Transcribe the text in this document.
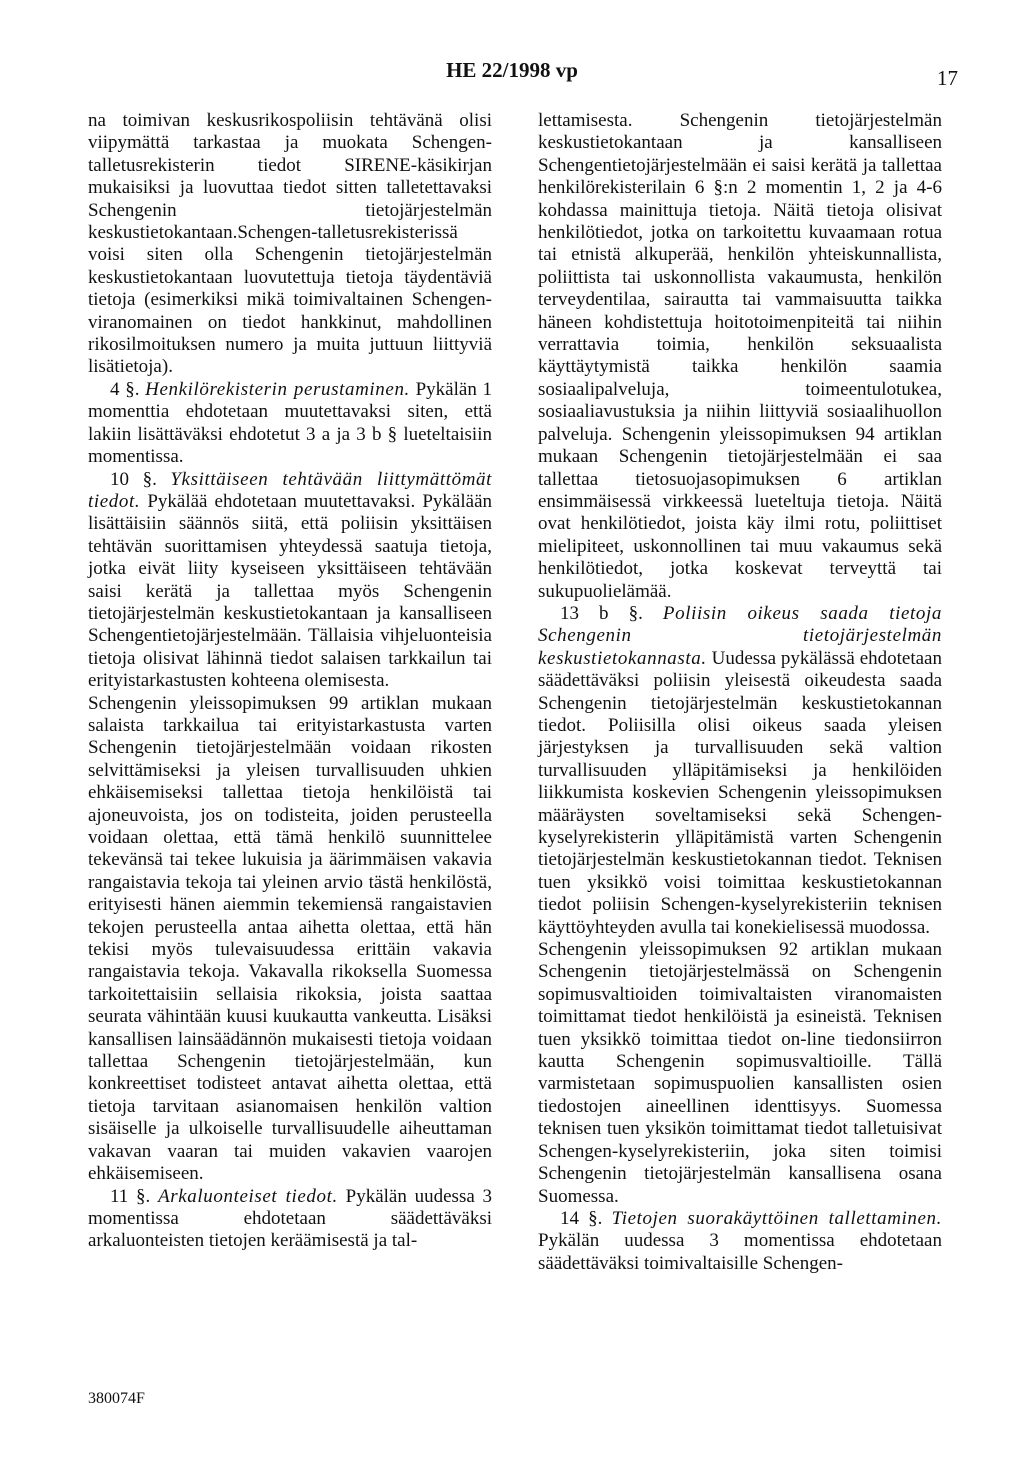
HE 22/1998 vp	17

na toimivan keskusrikospoliisin tehtävänä olisi viipymättä tarkastaa ja muokata Schengen-talletusrekisterin tiedot SIRENE-käsikirjan mukaisiksi ja luovuttaa tiedot sitten talletettavaksi Schengenin tietojärjestelmän keskustietokantaan.Schengen-talletusrekisterissä voisi siten olla Schengenin tietojärjestelmän keskustietokantaan luovutettuja tietoja täydentäviä tietoja (esimerkiksi mikä toimivaltainen Schengen-viranomainen on tiedot hankkinut, mahdollinen rikosilmoituksen numero ja muita juttuun liittyviä lisätietoja).

4 §. Henkilörekisterin perustaminen. Pykälän 1 momenttia ehdotetaan muutettavaksi siten, että lakiin lisättäväksi ehdotetut 3 a ja 3 b § lueteltaisiin momentissa.

10 §. Yksittäiseen tehtävään liittymättömät tiedot. Pykälää ehdotetaan muutettavaksi. Pykälään lisättäisiin säännös siitä, että poliisin yksittäisen tehtävän suorittamisen yhteydessä saatuja tietoja, jotka eivät liity kyseiseen yksittäiseen tehtävään saisi kerätä ja tallettaa myös Schengenin tietojärjestelmän keskustietokantaan ja kansalliseen Schengentietojärjestelmään. Tällaisia vihjeluonteisia tietoja olisivat lähinnä tiedot salaisen tarkkailun tai erityistarkastusten kohteena olemisesta.

Schengenin yleissopimuksen 99 artiklan mukaan salaista tarkkailua tai erityistarkastusta varten Schengenin tietojärjestelmään voidaan rikosten selvittämiseksi ja yleisen turvallisuuden uhkien ehkäisemiseksi tallettaa tietoja henkilöistä tai ajoneuvoista, jos on todisteita, joiden perusteella voidaan olettaa, että tämä henkilö suunnittelee tekevänsä tai tekee lukuisia ja äärimmäisen vakavia rangaistavia tekoja tai yleinen arvio tästä henkilöstä, erityisesti hänen aiemmin tekemiensä rangaistavien tekojen perusteella antaa aihetta olettaa, että hän tekisi myös tulevaisuudessa erittäin vakavia rangaistavia tekoja. Vakavalla rikoksella Suomessa tarkoitettaisiin sellaisia rikoksia, joista saattaa seurata vähintään kuusi kuukautta vankeutta. Lisäksi kansallisen lainsäädännön mukaisesti tietoja voidaan tallettaa Schengenin tietojärjestelmään, kun konkreettiset todisteet antavat aihetta olettaa, että tietoja tarvitaan asianomaisen henkilön valtion sisäiselle ja ulkoiselle turvallisuudelle aiheuttaman vakavan vaaran tai muiden vakavien vaarojen ehkäisemiseen.

11 §. Arkaluonteiset tiedot. Pykälän uudessa 3 momentissa ehdotetaan säädettäväksi arkaluonteisten tietojen keräämisestä ja tal-

lettamisesta. Schengenin tietojärjestelmän keskustietokantaan ja kansalliseen Schengentietojärjestelmään ei saisi kerätä ja tallettaa henkilörekisterilain 6 §:n 2 momentin 1, 2 ja 4-6 kohdassa mainittuja tietoja. Näitä tietoja olisivat henkilötiedot, jotka on tarkoitettu kuvaamaan rotua tai etnistä alkuperää, henkilön yhteiskunnallista, poliittista tai uskonnollista vakaumusta, henkilön terveydentilaa, sairautta tai vammaisuutta taikka häneen kohdistettuja hoitotoimenpiteitä tai niihin verrattavia toimia, henkilön seksuaalista käyttäytymistä taikka henkilön saamia sosiaalipalveluja, toimeentulotukea, sosiaaliavustuksia ja niihin liittyviä sosiaalihuollon palveluja. Schengenin yleissopimuksen 94 artiklan mukaan Schengenin tietojärjestelmään ei saa tallettaa tietosuojasopimuksen 6 artiklan ensimmäisessä virkkeessä lueteltuja tietoja. Näitä ovat henkilötiedot, joista käy ilmi rotu, poliittiset mielipiteet, uskonnollinen tai muu vakaumus sekä henkilötiedot, jotka koskevat terveyttä tai sukupuolielämää.

13 b §. Poliisin oikeus saada tietoja Schengenin tietojärjestelmän keskustietokannasta. Uudessa pykälässä ehdotetaan säädettäväksi poliisin yleisestä oikeudesta saada Schengenin tietojärjestelmän keskustietokannan tiedot. Poliisilla olisi oikeus saada yleisen järjestyksen ja turvallisuuden sekä valtion turvallisuuden ylläpitämiseksi ja henkilöiden liikkumista koskevien Schengenin yleissopimuksen määräysten soveltamiseksi sekä Schengen-kyselyrekisterin ylläpitämistä varten Schengenin tietojärjestelmän keskustietokannan tiedot. Teknisen tuen yksikkö voisi toimittaa keskustietokannan tiedot poliisin Schengen-kyselyrekisteriin teknisen käyttöyhteyden avulla tai konekielisessä muodossa.

Schengenin yleissopimuksen 92 artiklan mukaan Schengenin tietojärjestelmässä on Schengenin sopimusvaltioiden toimivaltaisten viranomaisten toimittamat tiedot henkilöistä ja esineistä. Teknisen tuen yksikkö toimittaa tiedot on-line tiedonsiirron kautta Schengenin sopimusvaltioille. Tällä varmistetaan sopimuspuolien kansallisten osien tiedostojen aineellinen identtisyys. Suomessa teknisen tuen yksikön toimittamat tiedot talletuisivat Schengen-kyselyrekisteriin, joka siten toimisi Schengenin tietojärjestelmän kansallisena osana Suomessa.

14 §. Tietojen suorakäyttöinen tallettaminen. Pykälän uudessa 3 momentissa ehdotetaan säädettäväksi toimivaltaisille Schengen-

380074F
